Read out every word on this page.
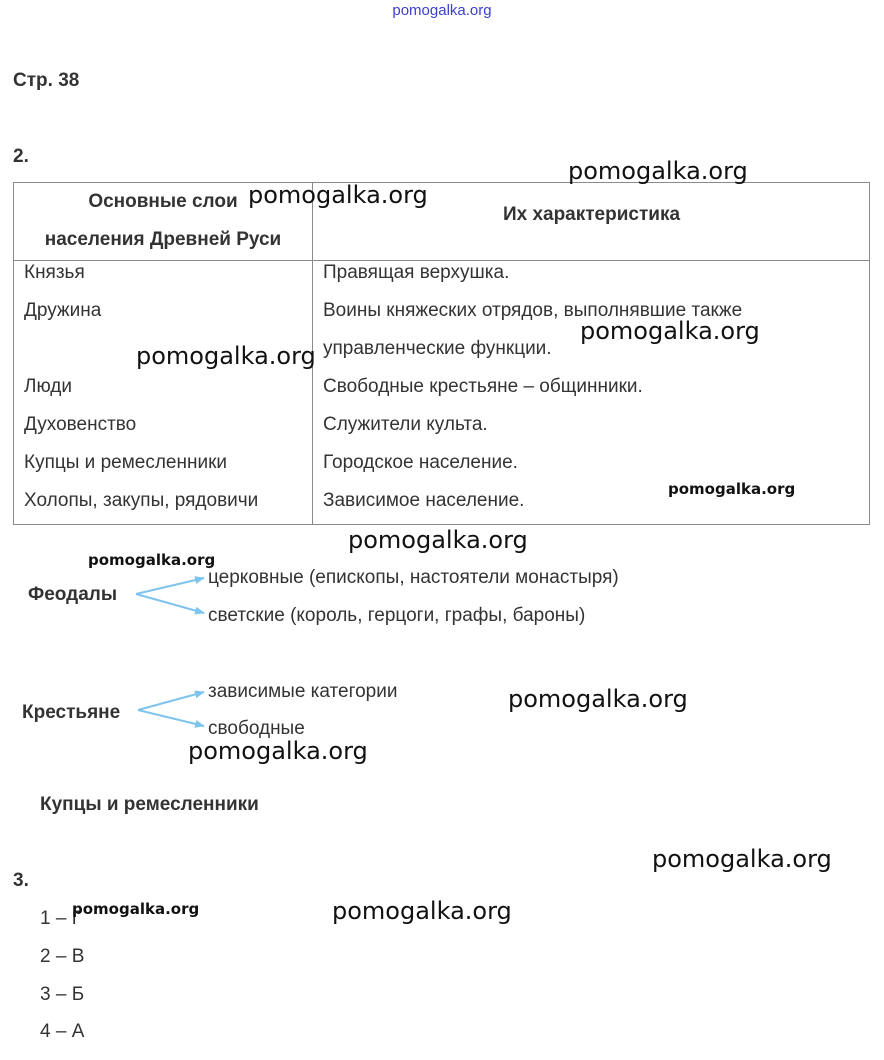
pomogalka.org
Стр. 38
2.
Основные слои
населения Древней Руси
Их характеристика
Князья	Правящая верхушка.
Дружина	Воины княжеских отрядов, выполнявшие также
управленческие функции.
Люди	Свободные крестьяне – общинники.
Духовенство	Служители культа.
Купцы и ремесленники	Городское население.
Холопы, закупы, рядовичи	Зависимое население.
Феодалы
церковные (епископы, настоятели монастыря)
светские (король, герцоги, графы, бароны)
Крестьяне
зависимые категории
свободные
Купцы и ремесленники
3.
1 – Г
2 – В
3 – Б
4 – А
pomogalka.org
pomogalka.org
pomogalka.org
pomogalka.org
pomogalka.org
pomogalka.org
pomogalka.org
pomogalka.org
pomogalka.org
pomogalka.org
pomogalka.org	pomogalka.org
